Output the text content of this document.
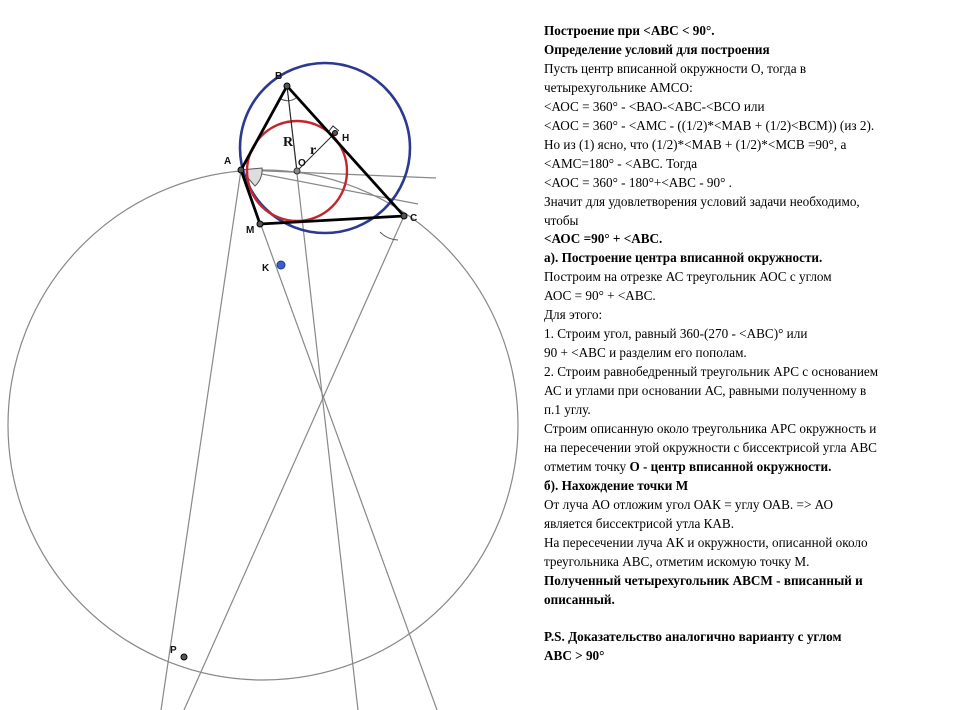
B
A
C
M
K
O
H
R
r
P
Построение при <ABC < 90°.
Определение условий для построения
Пусть центр вписанной окружности О, тогда в
четырехугольнике АМСО:
<АОС = 360° - <ВАО-<АВС-<ВСО или
<АОС = 360° - <АМС - ((1/2)*<МАВ + (1/2)<ВСМ)) (из 2).
Но из (1) ясно, что (1/2)*<МАВ + (1/2)*<МСВ =90°, а
<АМС=180° - <АВС. Тогда
<АОС = 360° - 180°+<АВС - 90° .
Значит для удовлетворения условий задачи необходимо,
чтобы
<АОС =90° + <АВС.
а). Построение центра вписанной окружности.
Построим на отрезке АС треугольник АОС с углом
АОС = 90° + <АВС.
Для этого:
1. Строим угол, равный 360-(270 - <АВС)° или
90 + <АВС и разделим его пополам.
2. Строим равнобедренный треугольник АРС с основанием
АС и углами при основании АС, равными полученному в
п.1 углу.
Строим описанную около треугольника АРС окружность и
на пересечении этой окружности с биссектрисой угла АВС
отметим точку О - центр вписанной окружности.
б). Нахождение точки М
От луча АО отложим угол ОАК = углу ОАВ. => АО
является биссектрисой утла КАВ.
На пересечении луча АК и окружности, описанной около
треугольника АВС, отметим искомую точку М.
Полученный четырехугольник АВСМ - вписанный и
описанный.
P.S. Доказательство аналогично варианту с углом
АВС > 90°
